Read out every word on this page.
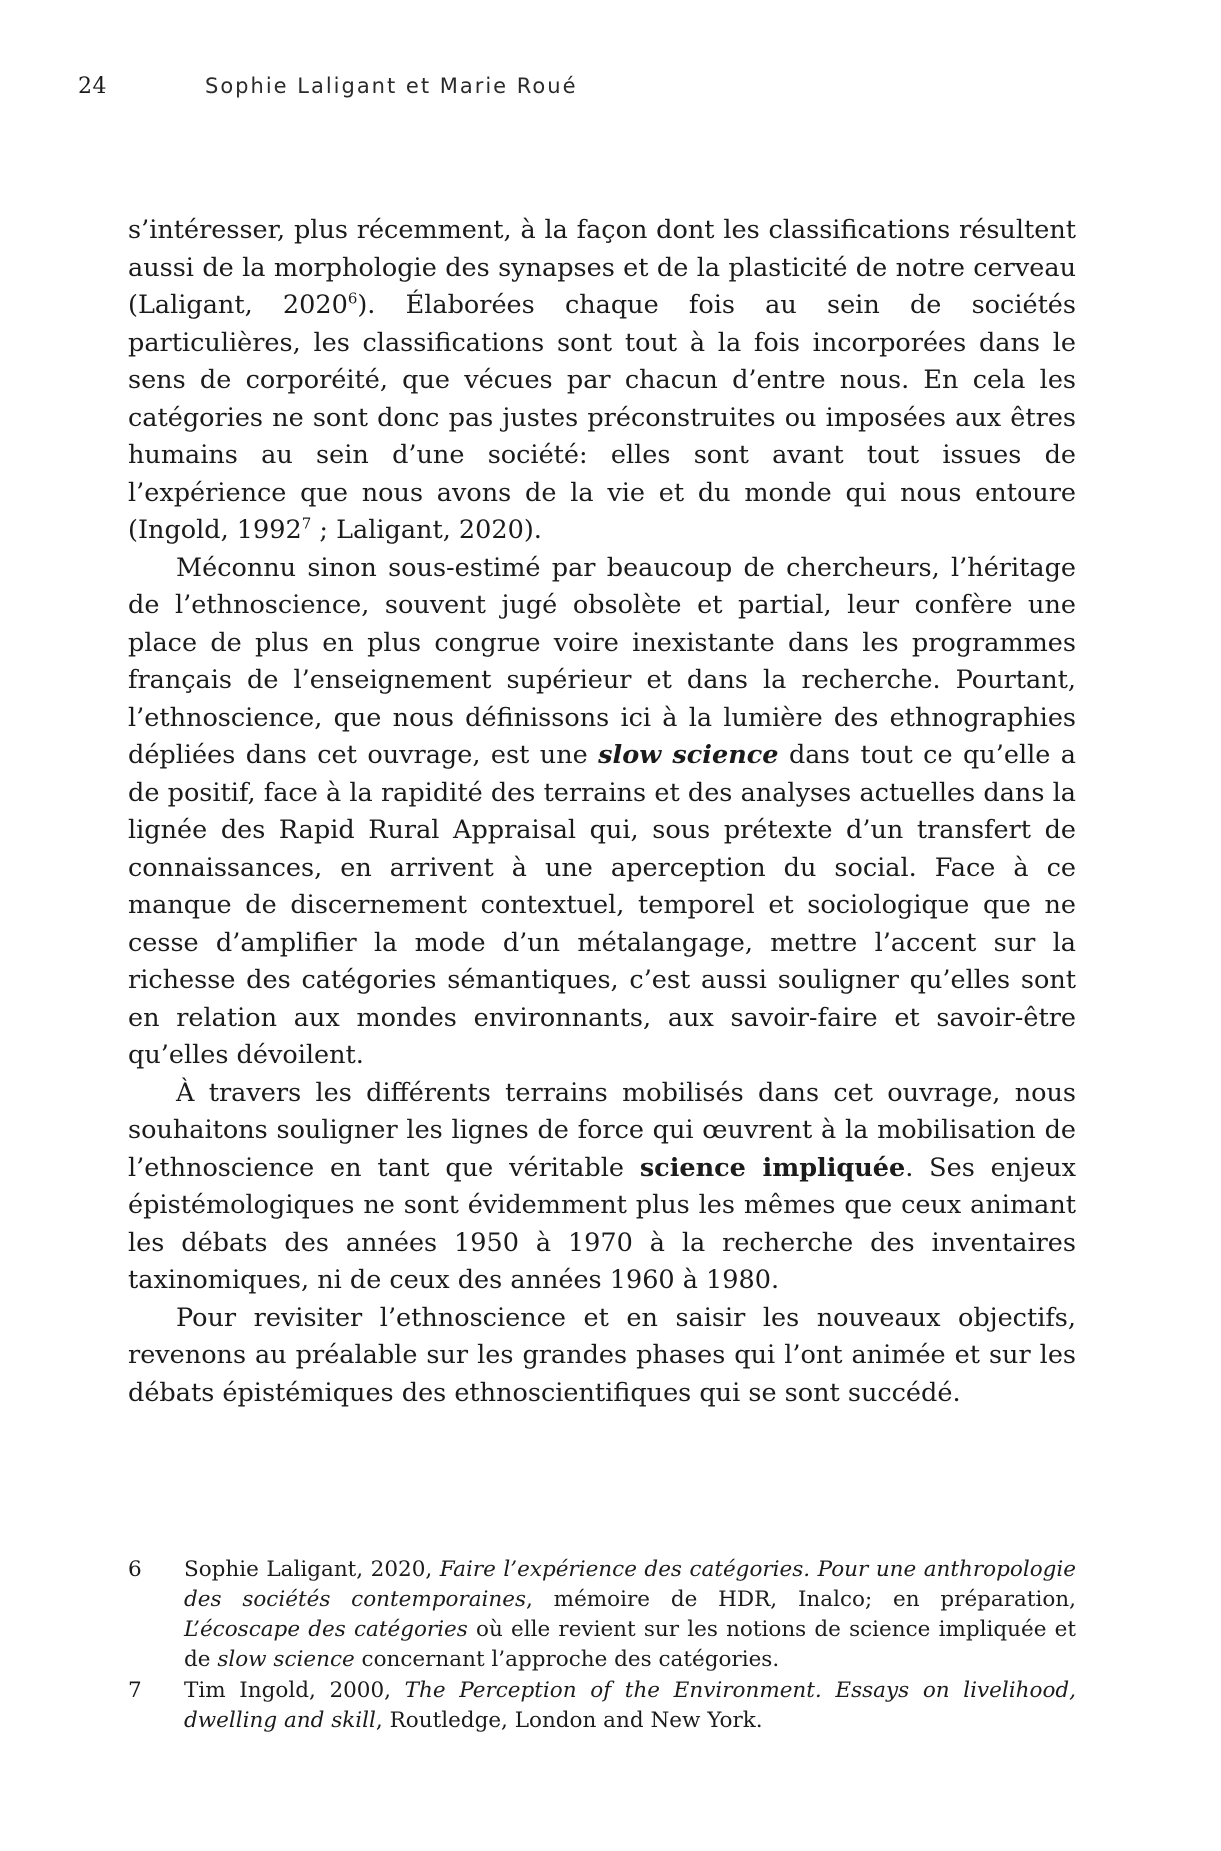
24	Sophie Laligant et Marie Roué

s’intéresser, plus récemment, à la façon dont les classifications résultent aussi de la morphologie des synapses et de la plasticité de notre cerveau (Laligant, 2020$^6$). Élaborées chaque fois au sein de sociétés particulières, les classifications sont tout à la fois incorporées dans le sens de corporéité, que vécues par chacun d’entre nous. En cela les catégories ne sont donc pas justes préconstruites ou imposées aux êtres humains au sein d’une société: elles sont avant tout issues de l’expérience que nous avons de la vie et du monde qui nous entoure (Ingold, 1992$^7$ ; Laligant, 2020).

Méconnu sinon sous-estimé par beaucoup de chercheurs, l’héritage de l’ethnoscience, souvent jugé obsolète et partial, leur confère une place de plus en plus congrue voire inexistante dans les programmes français de l’enseignement supérieur et dans la recherche. Pourtant, l’ethnoscience, que nous définissons ici à la lumière des ethnographies dépliées dans cet ouvrage, est une slow science dans tout ce qu’elle a de positif, face à la rapidité des terrains et des analyses actuelles dans la lignée des Rapid Rural Appraisal qui, sous prétexte d’un transfert de connaissances, en arrivent à une aperception du social. Face à ce manque de discernement contextuel, temporel et sociologique que ne cesse d’amplifier la mode d’un métalangage, mettre l’accent sur la richesse des catégories sémantiques, c’est aussi souligner qu’elles sont en relation aux mondes environnants, aux savoir-faire et savoir-être qu’elles dévoilent.

À travers les différents terrains mobilisés dans cet ouvrage, nous souhaitons souligner les lignes de force qui œuvrent à la mobilisation de l’ethnoscience en tant que véritable science impliquée. Ses enjeux épistémologiques ne sont évidemment plus les mêmes que ceux animant les débats des années 1950 à 1970 à la recherche des inventaires taxinomiques, ni de ceux des années 1960 à 1980.

Pour revisiter l’ethnoscience et en saisir les nouveaux objectifs, revenons au préalable sur les grandes phases qui l’ont animée et sur les débats épistémiques des ethnoscientifiques qui se sont succédé.

6	Sophie Laligant, 2020, Faire l’expérience des catégories. Pour une anthropologie des sociétés contemporaines, mémoire de HDR, Inalco; en préparation, L’écoscape des catégories où elle revient sur les notions de science impliquée et de slow science concernant l’approche des catégories.
7	Tim Ingold, 2000, The Perception of the Environment. Essays on livelihood, dwelling and skill, Routledge, London and New York.
